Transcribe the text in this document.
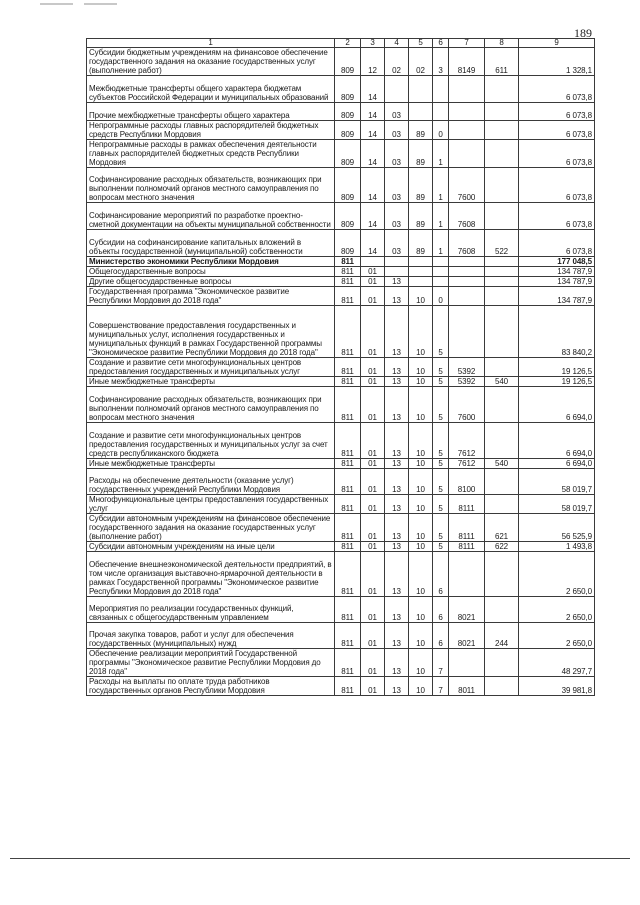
189
1	2	3	4	5	6	7	8	9
Субсидии бюджетным учреждениям на финансовое обеспечение государственного задания на оказание государственных услуг (выполнение работ)	809	12	02	02	3	8149	611	1 328,1
Межбюджетные трансферты общего характера бюджетам субъектов Российской Федерации и муниципальных образований	809	14						6 073,8
Прочие межбюджетные трансферты общего характера	809	14	03					6 073,8
Непрограммные расходы главных распорядителей бюджетных средств Республики Мордовия	809	14	03	89	0			6 073,8
Непрограммные расходы в рамках обеспечения деятельности главных распорядителей бюджетных средств Республики Мордовия	809	14	03	89	1			6 073,8
Софинансирование расходных обязательств, возникающих при выполнении полномочий органов местного самоуправления по вопросам местного значения	809	14	03	89	1	7600		6 073,8
Софинансирование мероприятий по разработке проектно-сметной документации на объекты муниципальной собственности	809	14	03	89	1	7608		6 073,8
Субсидии на софинансирование капитальных вложений в объекты государственной (муниципальной) собственности	809	14	03	89	1	7608	522	6 073,8
Министерство экономики Республики Мордовия	811							177 048,5
Общегосударственные вопросы	811	01						134 787,9
Другие общегосударственные вопросы	811	01	13					134 787,9
Государственная программа "Экономическое развитие Республики Мордовия до 2018 года"	811	01	13	10	0			134 787,9
Совершенствование предоставления государственных и муниципальных услуг, исполнения государственных и муниципальных функций в рамках Государственной программы "Экономическое развитие Республики Мордовия до 2018 года"	811	01	13	10	5			83 840,2
Создание и развитие сети многофункциональных центров предоставления государственных и муниципальных услуг	811	01	13	10	5	5392		19 126,5
Иные межбюджетные трансферты	811	01	13	10	5	5392	540	19 126,5
Софинансирование расходных обязательств, возникающих при выполнении полномочий органов местного самоуправления по вопросам местного значения	811	01	13	10	5	7600		6 694,0
Создание и развитие сети многофункциональных центров предоставления государственных и муниципальных услуг за счет средств республиканского бюджета	811	01	13	10	5	7612		6 694,0
Иные межбюджетные трансферты	811	01	13	10	5	7612	540	6 694,0
Расходы на обеспечение деятельности (оказание услуг) государственных учреждений Республики Мордовия	811	01	13	10	5	8100		58 019,7
Многофункциональные центры предоставления государственных услуг	811	01	13	10	5	8111		58 019,7
Субсидии автономным учреждениям на финансовое обеспечение государственного задания на оказание государственных услуг (выполнение работ)	811	01	13	10	5	8111	621	56 525,9
Субсидии автономным учреждениям на иные цели	811	01	13	10	5	8111	622	1 493,8
Обеспечение внешнеэкономической деятельности предприятий, в том числе организация выставочно-ярмарочной деятельности в рамках Государственной программы "Экономическое развитие Республики Мордовия до 2018 года"	811	01	13	10	6			2 650,0
Мероприятия по реализации государственных функций, связанных с общегосударственным управлением	811	01	13	10	6	8021		2 650,0
Прочая закупка товаров, работ и услуг для обеспечения государственных (муниципальных) нужд	811	01	13	10	6	8021	244	2 650,0
Обеспечение реализации мероприятий Государственной программы "Экономическое развитие Республики Мордовия до 2018 года"	811	01	13	10	7			48 297,7
Расходы на выплаты по оплате труда работников государственных органов Республики Мордовия	811	01	13	10	7	8011		39 981,8
